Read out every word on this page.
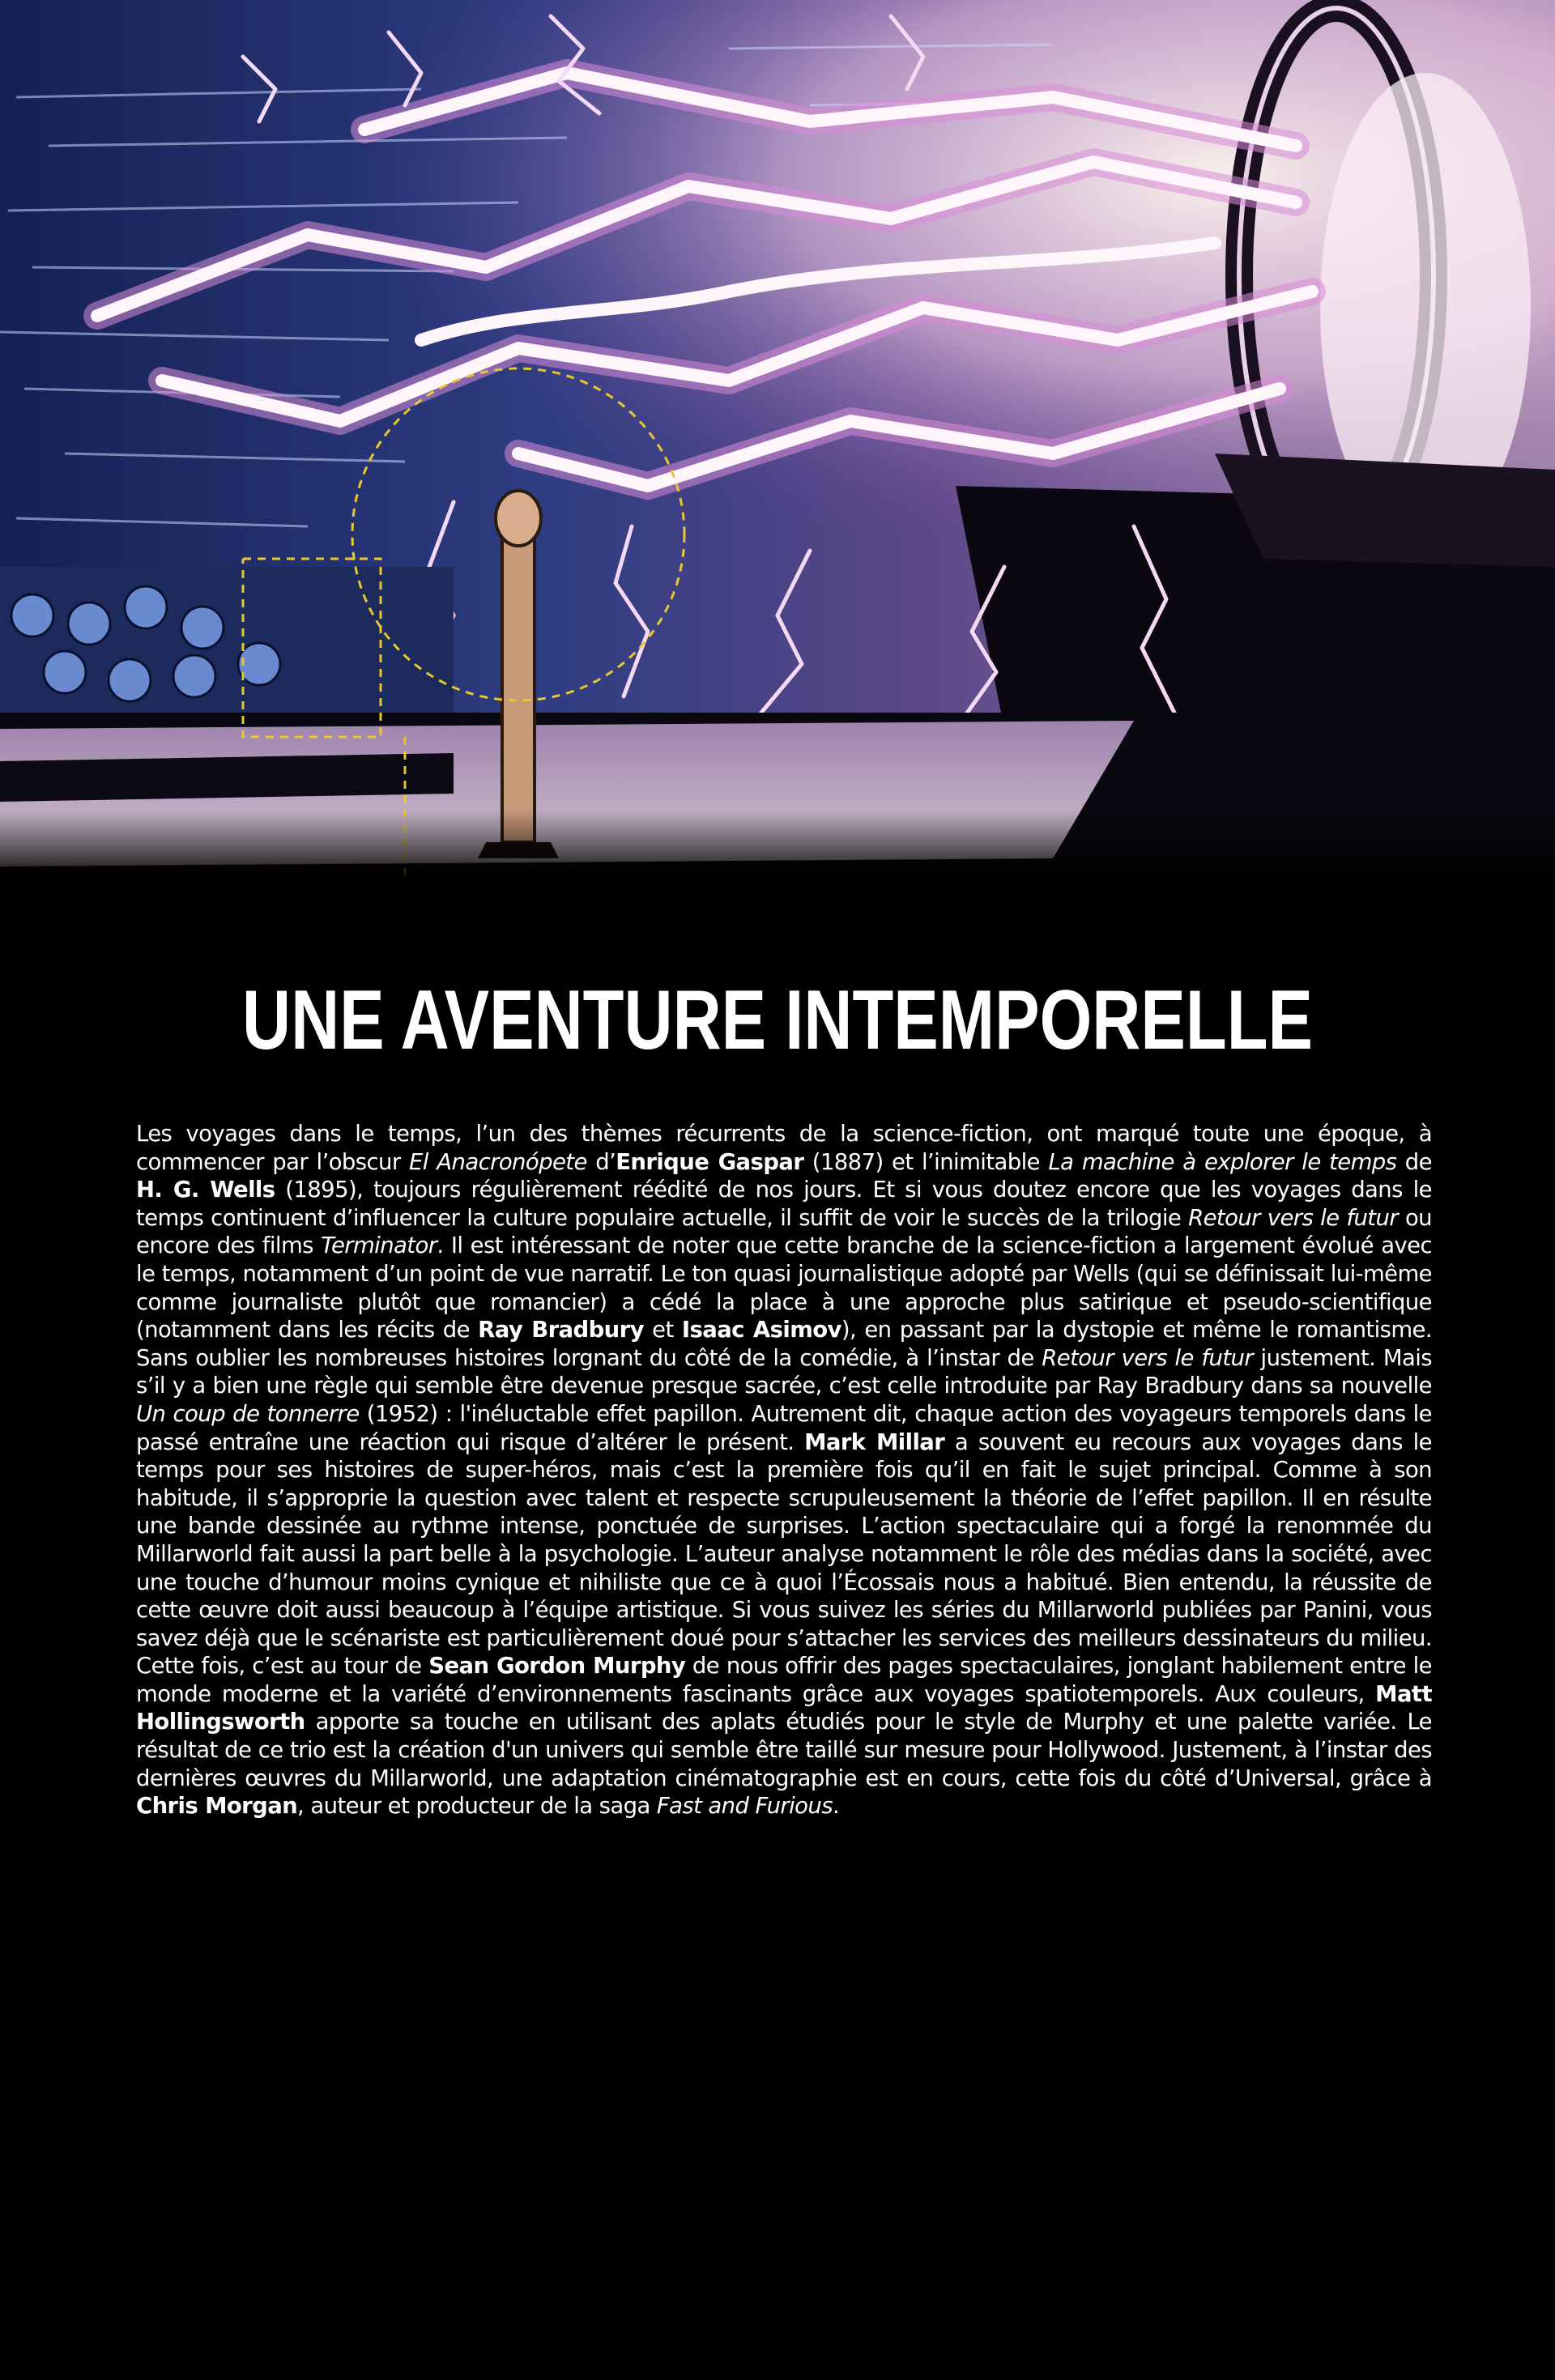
UNE AVENTURE INTEMPORELLE

Les voyages dans le temps, l’un des thèmes récurrents de la science-fiction, ont marqué toute une époque, à commencer par l’obscur El Anacronópete d’Enrique Gaspar (1887) et l’inimitable La machine à explorer le temps de H. G. Wells (1895), toujours régulièrement réédité de nos jours. Et si vous doutez encore que les voyages dans le temps continuent d’influencer la culture populaire actuelle, il suffit de voir le succès de la trilogie Retour vers le futur ou encore des films Terminator. Il est intéressant de noter que cette branche de la science-fiction a largement évolué avec le temps, notamment d’un point de vue narratif. Le ton quasi journalistique adopté par Wells (qui se définissait lui-même comme journaliste plutôt que romancier) a cédé la place à une approche plus satirique et pseudo-scientifique (notamment dans les récits de Ray Bradbury et Isaac Asimov), en passant par la dystopie et même le romantisme. Sans oublier les nombreuses histoires lorgnant du côté de la comédie, à l’instar de Retour vers le futur justement. Mais s’il y a bien une règle qui semble être devenue presque sacrée, c’est celle introduite par Ray Bradbury dans sa nouvelle Un coup de tonnerre (1952) : l'inéluctable effet papillon. Autrement dit, chaque action des voyageurs temporels dans le passé entraîne une réaction qui risque d’altérer le présent. Mark Millar a souvent eu recours aux voyages dans le temps pour ses histoires de super-héros, mais c’est la première fois qu’il en fait le sujet principal. Comme à son habitude, il s’approprie la question avec talent et respecte scrupuleusement la théorie de l’effet papillon. Il en résulte une bande dessinée au rythme intense, ponctuée de surprises. L’action spectaculaire qui a forgé la renommée du Millarworld fait aussi la part belle à la psychologie. L’auteur analyse notamment le rôle des médias dans la société, avec une touche d’humour moins cynique et nihiliste que ce à quoi l’Écossais nous a habitué. Bien entendu, la réussite de cette œuvre doit aussi beaucoup à l’équipe artistique. Si vous suivez les séries du Millarworld publiées par Panini, vous savez déjà que le scénariste est particulièrement doué pour s’attacher les services des meilleurs dessinateurs du milieu. Cette fois, c’est au tour de Sean Gordon Murphy de nous offrir des pages spectaculaires, jonglant habilement entre le monde moderne et la variété d’environnements fascinants grâce aux voyages spatiotemporels. Aux couleurs, Matt Hollingsworth apporte sa touche en utilisant des aplats étudiés pour le style de Murphy et une palette variée. Le résultat de ce trio est la création d'un univers qui semble être taillé sur mesure pour Hollywood. Justement, à l’instar des dernières œuvres du Millarworld, une adaptation cinématographie est en cours, cette fois du côté d’Universal, grâce à Chris Morgan, auteur et producteur de la saga Fast and Furious.
